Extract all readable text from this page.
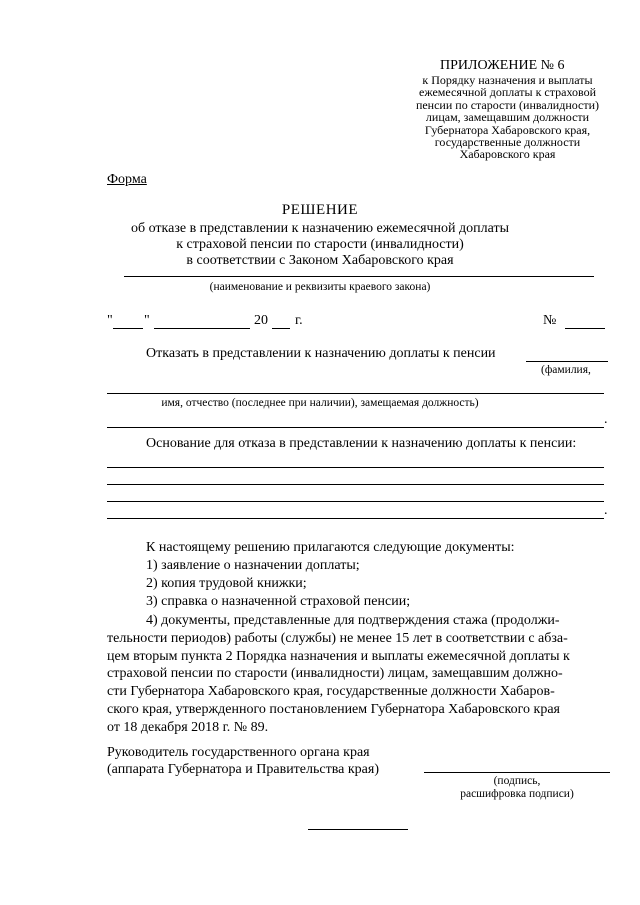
ПРИЛОЖЕНИЕ № 6
к Порядку назначения и выплаты
ежемесячной доплаты к страховой
пенсии по старости (инвалидности)
лицам, замещавшим должности
Губернатора Хабаровского края,
государственные должности
Хабаровского края
Форма
РЕШЕНИЕ
об отказе в представлении к назначению ежемесячной доплаты
к страховой пенсии по старости (инвалидности)
в соответствии с Законом Хабаровского края
(наименование и реквизиты краевого закона)
" "	20 г.	№
Отказать в представлении к назначению доплаты к пенсии
(фамилия,
имя, отчество (последнее при наличии), замещаемая должность)
.
Основание для отказа в представлении к назначению доплаты к пенсии:
.
К настоящему решению прилагаются следующие документы:
1) заявление о назначении доплаты;
2) копия трудовой книжки;
3) справка о назначенной страховой пенсии;
4) документы, представленные для подтверждения стажа (продолжи-
тельности периодов) работы (службы) не менее 15 лет в соответствии с абза-
цем вторым пункта 2 Порядка назначения и выплаты ежемесячной доплаты к
страховой пенсии по старости (инвалидности) лицам, замещавшим должно-
сти Губернатора Хабаровского края, государственные должности Хабаров-
ского края, утвержденного постановлением Губернатора Хабаровского края
от 18 декабря 2018 г. № 89.
Руководитель государственного органа края
(аппарата Губернатора и Правительства края)
(подпись,
расшифровка подписи)
